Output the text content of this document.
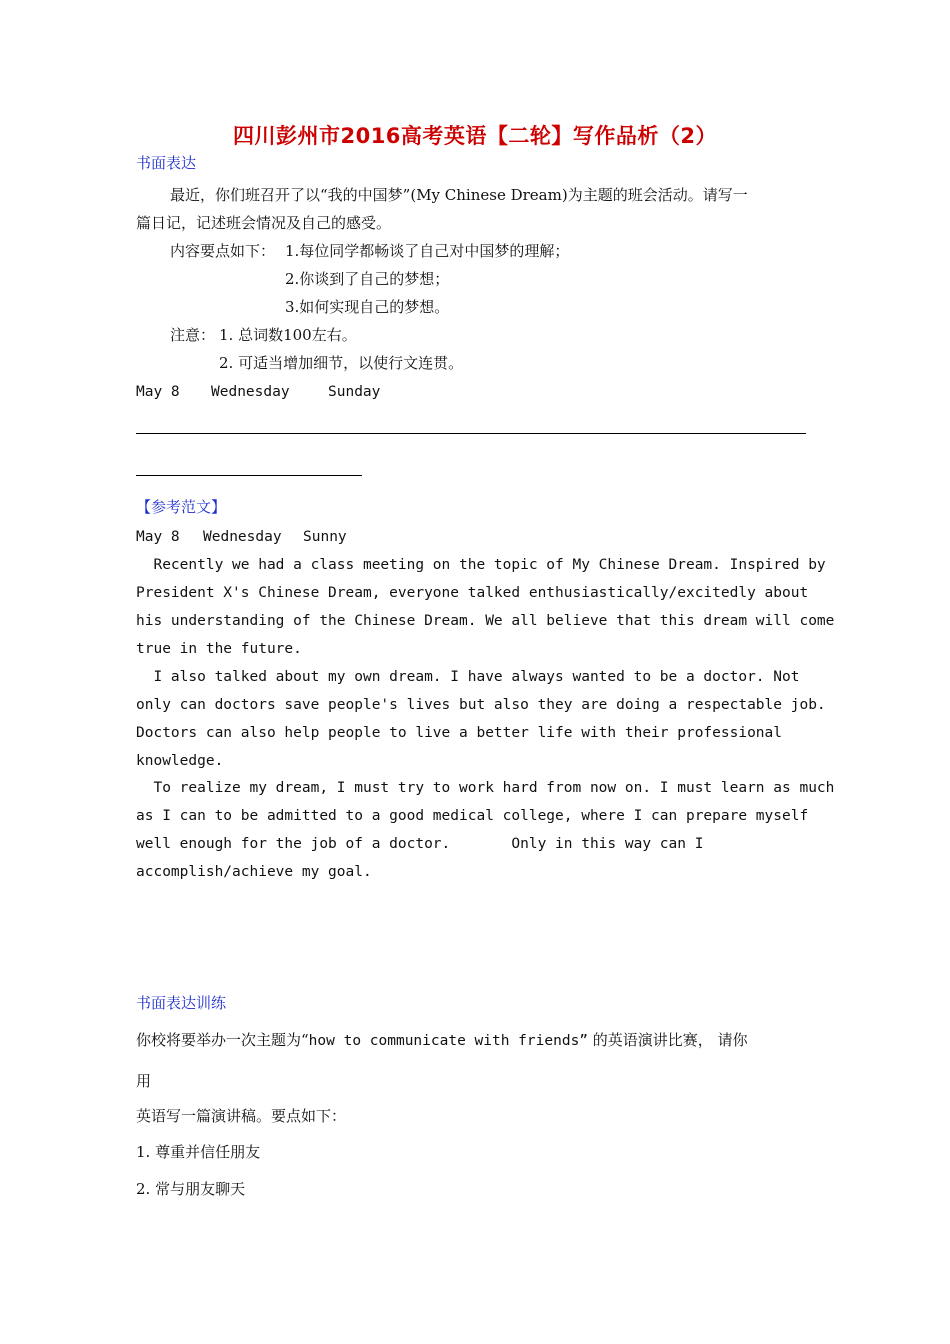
四川彭州市2016高考英语【二轮】写作品析（2）
书面表达
最近，你们班召开了以“我的中国梦”(My Chinese Dream)为主题的班会活动。请写一
篇日记，记述班会情况及自己的感受。
内容要点如下： 1.每位同学都畅谈了自己对中国梦的理解；
2.你谈到了自己的梦想；
3.如何实现自己的梦想。
注意： 1. 总词数100左右。
2. 可适当增加细节，以使行文连贯。
May 8 Wednesday	Sunday
【参考范文】
May 8 Wednesday Sunny
Recently we had a class meeting on the topic of My Chinese Dream. Inspired by
President X's Chinese Dream, everyone talked enthusiastically/excitedly about
his understanding of the Chinese Dream. We all believe that this dream will come
true in the future.
I also talked about my own dream. I have always wanted to be a doctor. Not
only can doctors save people's lives but also they are doing a respectable job.
Doctors can also help people to live a better life with their professional
knowledge.
To realize my dream, I must try to work hard from now on. I must learn as much
as I can to be admitted to a good medical college, where I can prepare myself
well enough for the job of a doctor.       Only in this way can I
accomplish/achieve my goal.
书面表达训练
你校将要举办一次主题为“how to communicate with friends” 的英语演讲比赛， 请你
用
英语写一篇演讲稿。要点如下：
1. 尊重并信任朋友
2. 常与朋友聊天
